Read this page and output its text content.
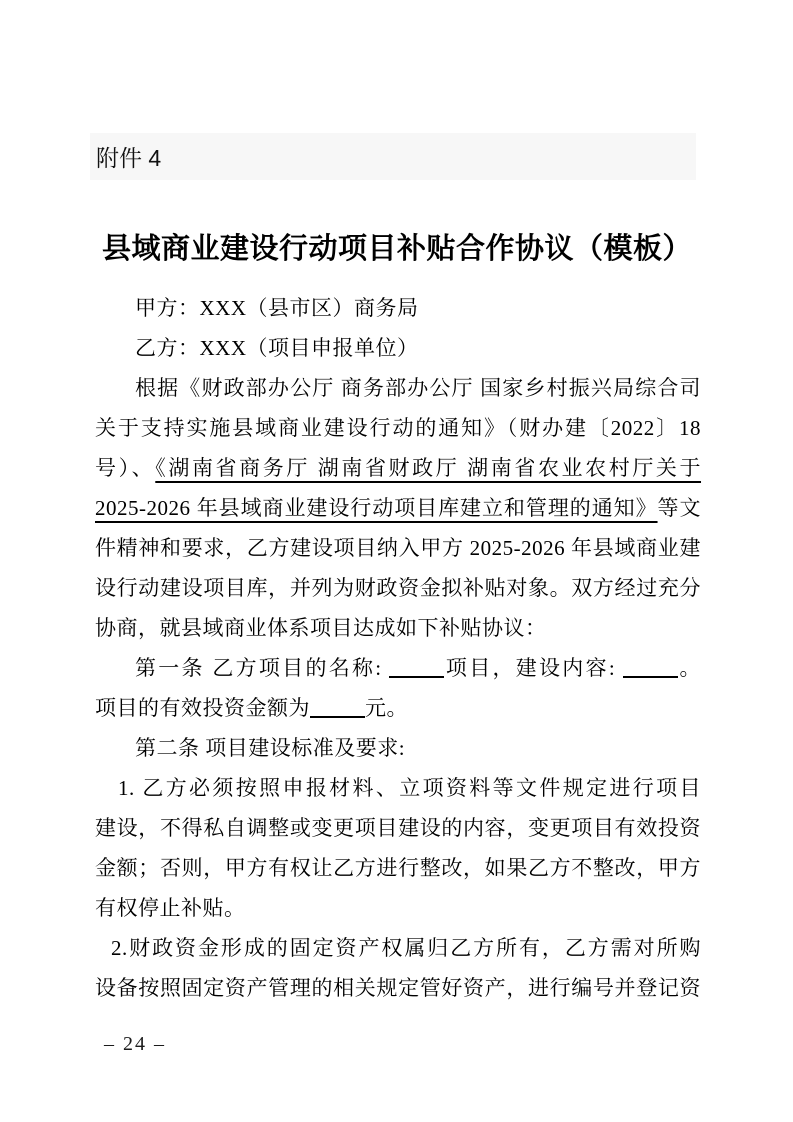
附件 4
县域商业建设行动项目补贴合作协议（模板）
甲方：XXX（县市区）商务局
乙方：XXX（项目申报单位）
根据《财政部办公厅 商务部办公厅 国家乡村振兴局综合司
关于支持实施县域商业建设行动的通知》（财办建〔2022〕18
号）、《湖南省商务厅 湖南省财政厅 湖南省农业农村厅关于
2025-2026 年县域商业建设行动项目库建立和管理的通知》等文
件精神和要求，乙方建设项目纳入甲方 2025-2026 年县域商业建
设行动建设项目库，并列为财政资金拟补贴对象。双方经过充分
协商，就县域商业体系项目达成如下补贴协议：
第一条 乙方项目的名称:	项目，建设内容:	。
项目的有效投资金额为	元。
第二条 项目建设标准及要求:
1. 乙方必须按照申报材料、立项资料等文件规定进行项目
建设，不得私自调整或变更项目建设的内容，变更项目有效投资
金额；否则，甲方有权让乙方进行整改，如果乙方不整改，甲方
有权停止补贴。
2.财政资金形成的固定资产权属归乙方所有，乙方需对所购
设备按照固定资产管理的相关规定管好资产，进行编号并登记资
– 24 –
